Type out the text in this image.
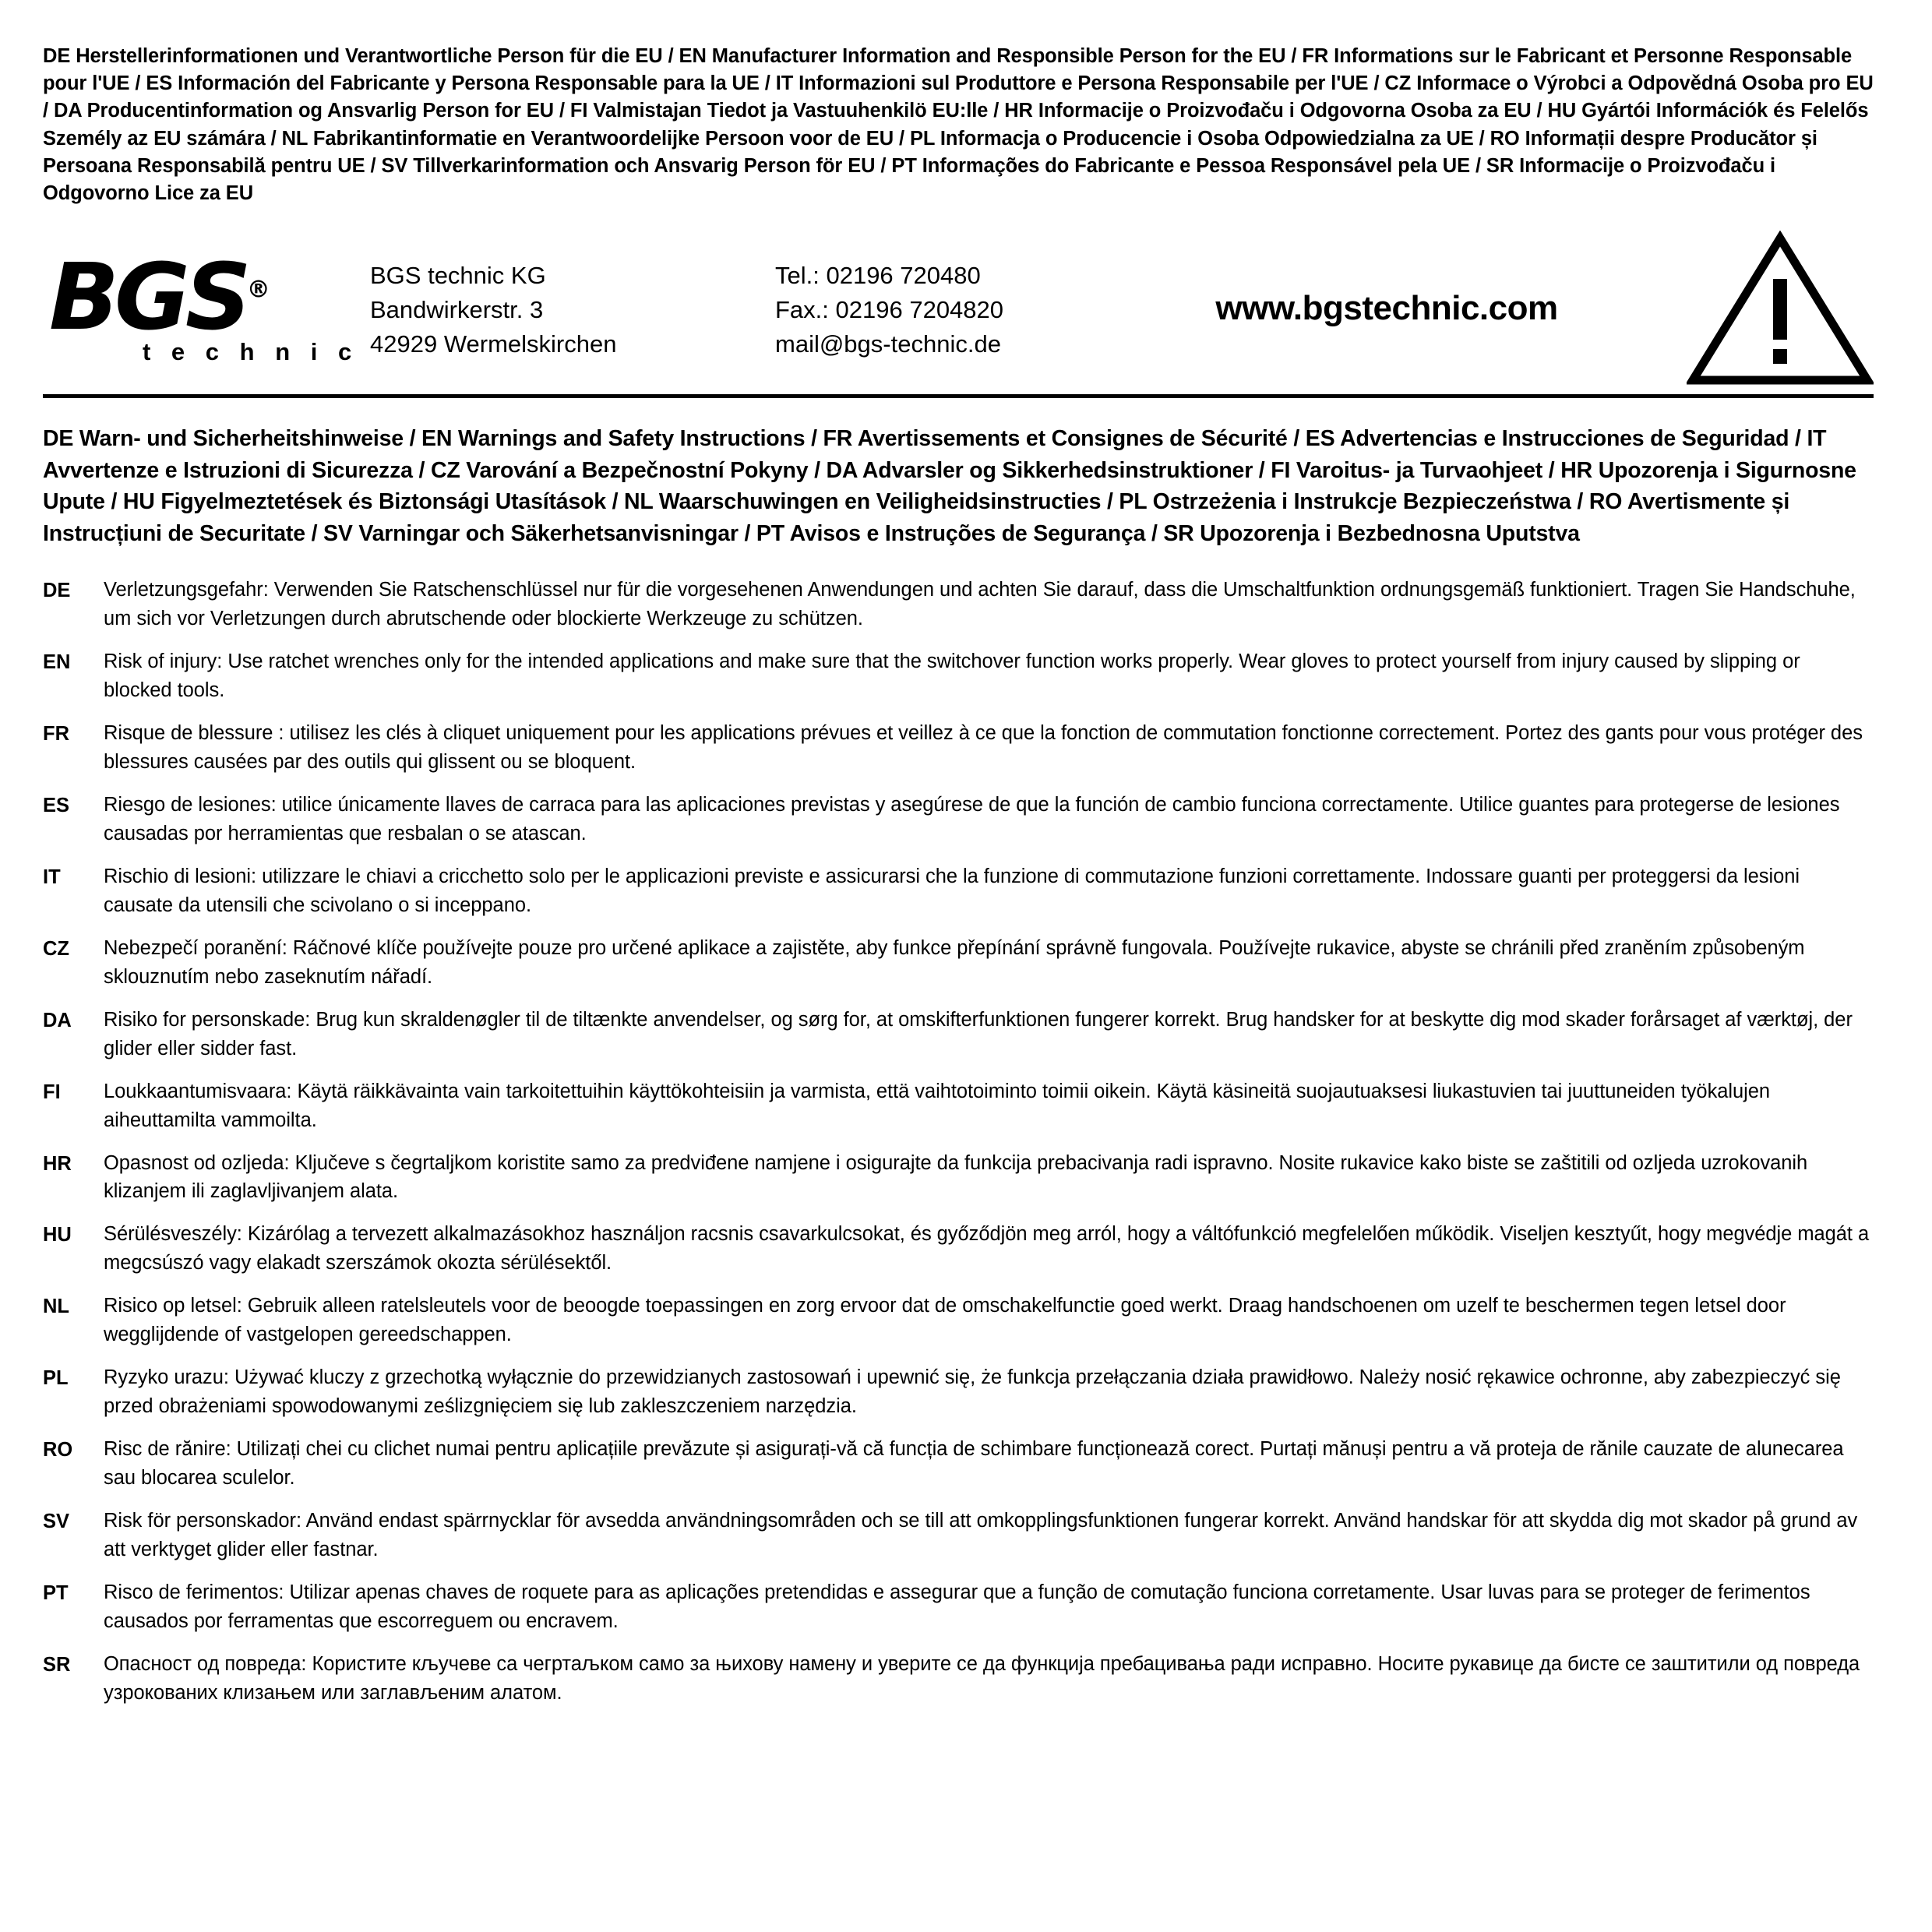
DE Herstellerinformationen und Verantwortliche Person für die EU / EN Manufacturer Information and Responsible Person for the EU / FR Informations sur le Fabricant et Personne Responsable pour l'UE / ES Información del Fabricante y Persona Responsable para la UE / IT Informazioni sul Produttore e Persona Responsabile per l'UE / CZ Informace o Výrobci a Odpovědná Osoba pro EU / DA Producentinformation og Ansvarlig Person for EU / FI Valmistajan Tiedot ja Vastuuhenkilö EU:lle / HR Informacije o Proizvođaču i Odgovorna Osoba za EU / HU Gyártói Információk és Felelős Személy az EU számára / NL Fabrikantinformatie en Verantwoordelijke Persoon voor de EU / PL Informacja o Producencie i Osoba Odpowiedzialna za UE / RO Informații despre Producător și Persoana Responsabilă pentru UE / SV Tillverkarinformation och Ansvarig Person för EU / PT Informações do Fabricante e Pessoa Responsável pela UE / SR Informacije o Proizvođaču i Odgovorno Lice za EU
BGS®
t e c h n i c
BGS technic KG
Bandwirkerstr. 3
42929 Wermelskirchen
Tel.: 02196 720480
Fax.: 02196 7204820
mail@bgs-technic.de
www.bgstechnic.com
DE Warn- und Sicherheitshinweise / EN Warnings and Safety Instructions / FR Avertissements et Consignes de Sécurité / ES Advertencias e Instrucciones de Seguridad / IT Avvertenze e Istruzioni di Sicurezza / CZ Varování a Bezpečnostní Pokyny / DA Advarsler og Sikkerhedsinstruktioner / FI Varoitus- ja Turvaohjeet / HR Upozorenja i Sigurnosne Upute / HU Figyelmeztetések és Biztonsági Utasítások / NL Waarschuwingen en Veiligheidsinstructies / PL Ostrzeżenia i Instrukcje Bezpieczeństwa / RO Avertismente și Instrucțiuni de Securitate / SV Varningar och Säkerhetsanvisningar / PT Avisos e Instruções de Segurança / SR Upozorenja i Bezbednosna Uputstva
DE	Verletzungsgefahr: Verwenden Sie Ratschenschlüssel nur für die vorgesehenen Anwendungen und achten Sie darauf, dass die Umschaltfunktion ordnungsgemäß funktioniert. Tragen Sie Handschuhe, um sich vor Verletzungen durch abrutschende oder blockierte Werkzeuge zu schützen.
EN	Risk of injury: Use ratchet wrenches only for the intended applications and make sure that the switchover function works properly. Wear gloves to protect yourself from injury caused by slipping or blocked tools.
FR	Risque de blessure : utilisez les clés à cliquet uniquement pour les applications prévues et veillez à ce que la fonction de commutation fonctionne correctement. Portez des gants pour vous protéger des blessures causées par des outils qui glissent ou se bloquent.
ES	Riesgo de lesiones: utilice únicamente llaves de carraca para las aplicaciones previstas y asegúrese de que la función de cambio funciona correctamente. Utilice guantes para protegerse de lesiones causadas por herramientas que resbalan o se atascan.
IT	Rischio di lesioni: utilizzare le chiavi a cricchetto solo per le applicazioni previste e assicurarsi che la funzione di commutazione funzioni correttamente. Indossare guanti per proteggersi da lesioni causate da utensili che scivolano o si inceppano.
CZ	Nebezpečí poranění: Ráčnové klíče používejte pouze pro určené aplikace a zajistěte, aby funkce přepínání správně fungovala. Používejte rukavice, abyste se chránili před zraněním způsobeným sklouznutím nebo zaseknutím nářadí.
DA	Risiko for personskade: Brug kun skraldenøgler til de tiltænkte anvendelser, og sørg for, at omskifterfunktionen fungerer korrekt. Brug handsker for at beskytte dig mod skader forårsaget af værktøj, der glider eller sidder fast.
FI	Loukkaantumisvaara: Käytä räikkävainta vain tarkoitettuihin käyttökohteisiin ja varmista, että vaihtotoiminto toimii oikein. Käytä käsineitä suojautuaksesi liukastuvien tai juuttuneiden työkalujen aiheuttamilta vammoilta.
HR	Opasnost od ozljeda: Ključeve s čegrtaljkom koristite samo za predviđene namjene i osigurajte da funkcija prebacivanja radi ispravno. Nosite rukavice kako biste se zaštitili od ozljeda uzrokovanih klizanjem ili zaglavljivanjem alata.
HU	Sérülésveszély: Kizárólag a tervezett alkalmazásokhoz használjon racsnis csavarkulcsokat, és győződjön meg arról, hogy a váltófunkció megfelelően működik. Viseljen kesztyűt, hogy megvédje magát a megcsúszó vagy elakadt szerszámok okozta sérülésektől.
NL	Risico op letsel: Gebruik alleen ratelsleutels voor de beoogde toepassingen en zorg ervoor dat de omschakelfunctie goed werkt. Draag handschoenen om uzelf te beschermen tegen letsel door wegglijdende of vastgelopen gereedschappen.
PL	Ryzyko urazu: Używać kluczy z grzechotką wyłącznie do przewidzianych zastosowań i upewnić się, że funkcja przełączania działa prawidłowo. Należy nosić rękawice ochronne, aby zabezpieczyć się przed obrażeniami spowodowanymi ześlizgnięciem się lub zakleszczeniem narzędzia.
RO	Risc de rănire: Utilizați chei cu clichet numai pentru aplicațiile prevăzute și asigurați-vă că funcția de schimbare funcționează corect. Purtați mănuși pentru a vă proteja de rănile cauzate de alunecarea sau blocarea sculelor.
SV	Risk för personskador: Använd endast spärrnycklar för avsedda användningsområden och se till att omkopplingsfunktionen fungerar korrekt. Använd handskar för att skydda dig mot skador på grund av att verktyget glider eller fastnar.
PT	Risco de ferimentos: Utilizar apenas chaves de roquete para as aplicações pretendidas e assegurar que a função de comutação funciona corretamente. Usar luvas para se proteger de ferimentos causados por ferramentas que escorreguem ou encravem.
SR	Опасност од повреда: Користите кључеве са чегртаљком само за њихову намену и уверите се да функција пребацивања ради исправно. Носите рукавице да бисте се заштитили од повреда узрокованих клизањем или заглављеним алатом.
